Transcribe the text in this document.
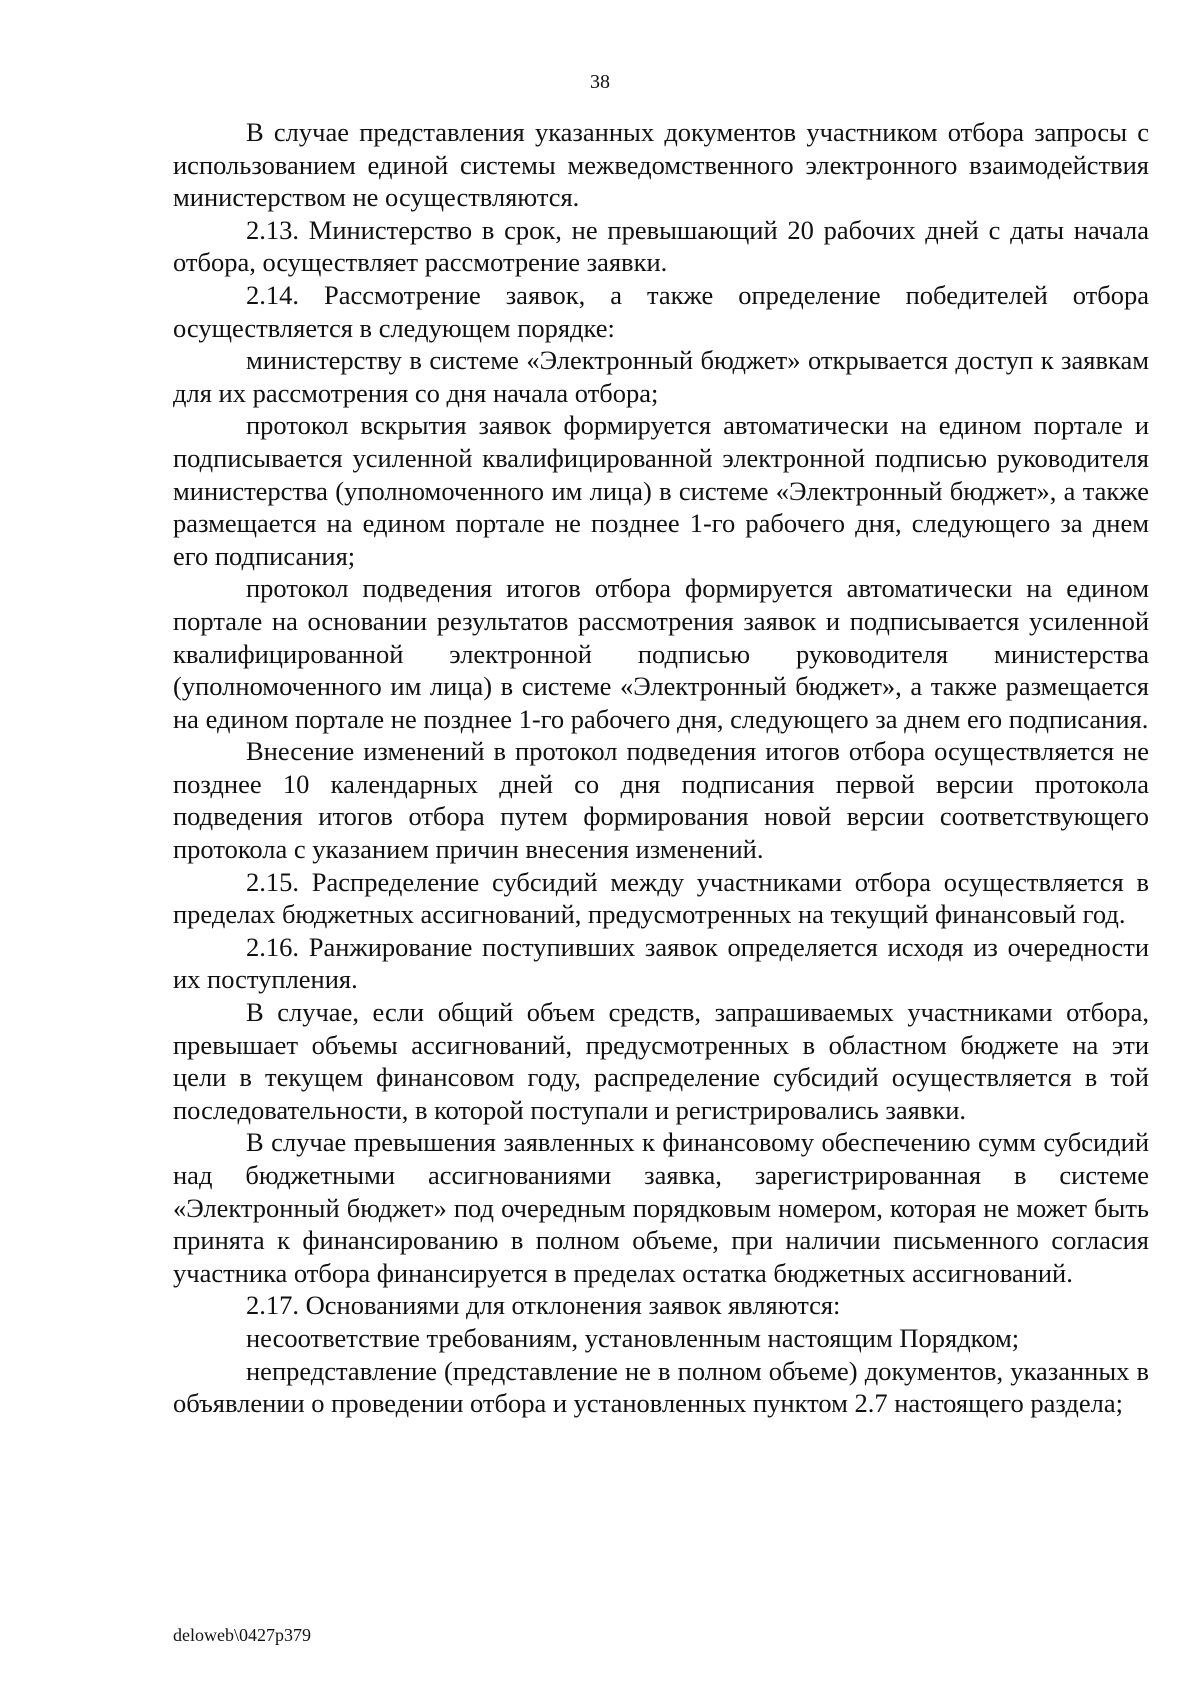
38

В случае представления указанных документов участником отбора запросы с использованием единой системы межведомственного электронного взаимодействия министерством не осуществляются.

2.13. Министерство в срок, не превышающий 20 рабочих дней с даты начала отбора, осуществляет рассмотрение заявки.

2.14. Рассмотрение заявок, а также определение победителей отбора осуществляется в следующем порядке:

министерству в системе «Электронный бюджет» открывается доступ к заявкам для их рассмотрения со дня начала отбора;

протокол вскрытия заявок формируется автоматически на едином портале и подписывается усиленной квалифицированной электронной подписью руководителя министерства (уполномоченного им лица) в системе «Электронный бюджет», а также размещается на едином портале не позднее 1-го рабочего дня, следующего за днем его подписания;

протокол подведения итогов отбора формируется автоматически на едином портале на основании результатов рассмотрения заявок и подписывается усиленной квалифицированной электронной подписью руководителя министерства (уполномоченного им лица) в системе «Электронный бюджет», а также размещается на едином портале не позднее 1-го рабочего дня, следующего за днем его подписания.

Внесение изменений в протокол подведения итогов отбора осуществляется не позднее 10 календарных дней со дня подписания первой версии протокола подведения итогов отбора путем формирования новой версии соответствующего протокола с указанием причин внесения изменений.

2.15. Распределение субсидий между участниками отбора осуществляется в пределах бюджетных ассигнований, предусмотренных на текущий финансовый год.

2.16. Ранжирование поступивших заявок определяется исходя из очередности их поступления.

В случае, если общий объем средств, запрашиваемых участниками отбора, превышает объемы ассигнований, предусмотренных в областном бюджете на эти цели в текущем финансовом году, распределение субсидий осуществляется в той последовательности, в которой поступали и регистрировались заявки.

В случае превышения заявленных к финансовому обеспечению сумм субсидий над бюджетными ассигнованиями заявка, зарегистрированная в системе «Электронный бюджет» под очередным порядковым номером, которая не может быть принята к финансированию в полном объеме, при наличии письменного согласия участника отбора финансируется в пределах остатка бюджетных ассигнований.

2.17. Основаниями для отклонения заявок являются:

несоответствие требованиям, установленным настоящим Порядком;

непредставление (представление не в полном объеме) документов, указанных в объявлении о проведении отбора и установленных пунктом 2.7 настоящего раздела;

deloweb\0427p379
